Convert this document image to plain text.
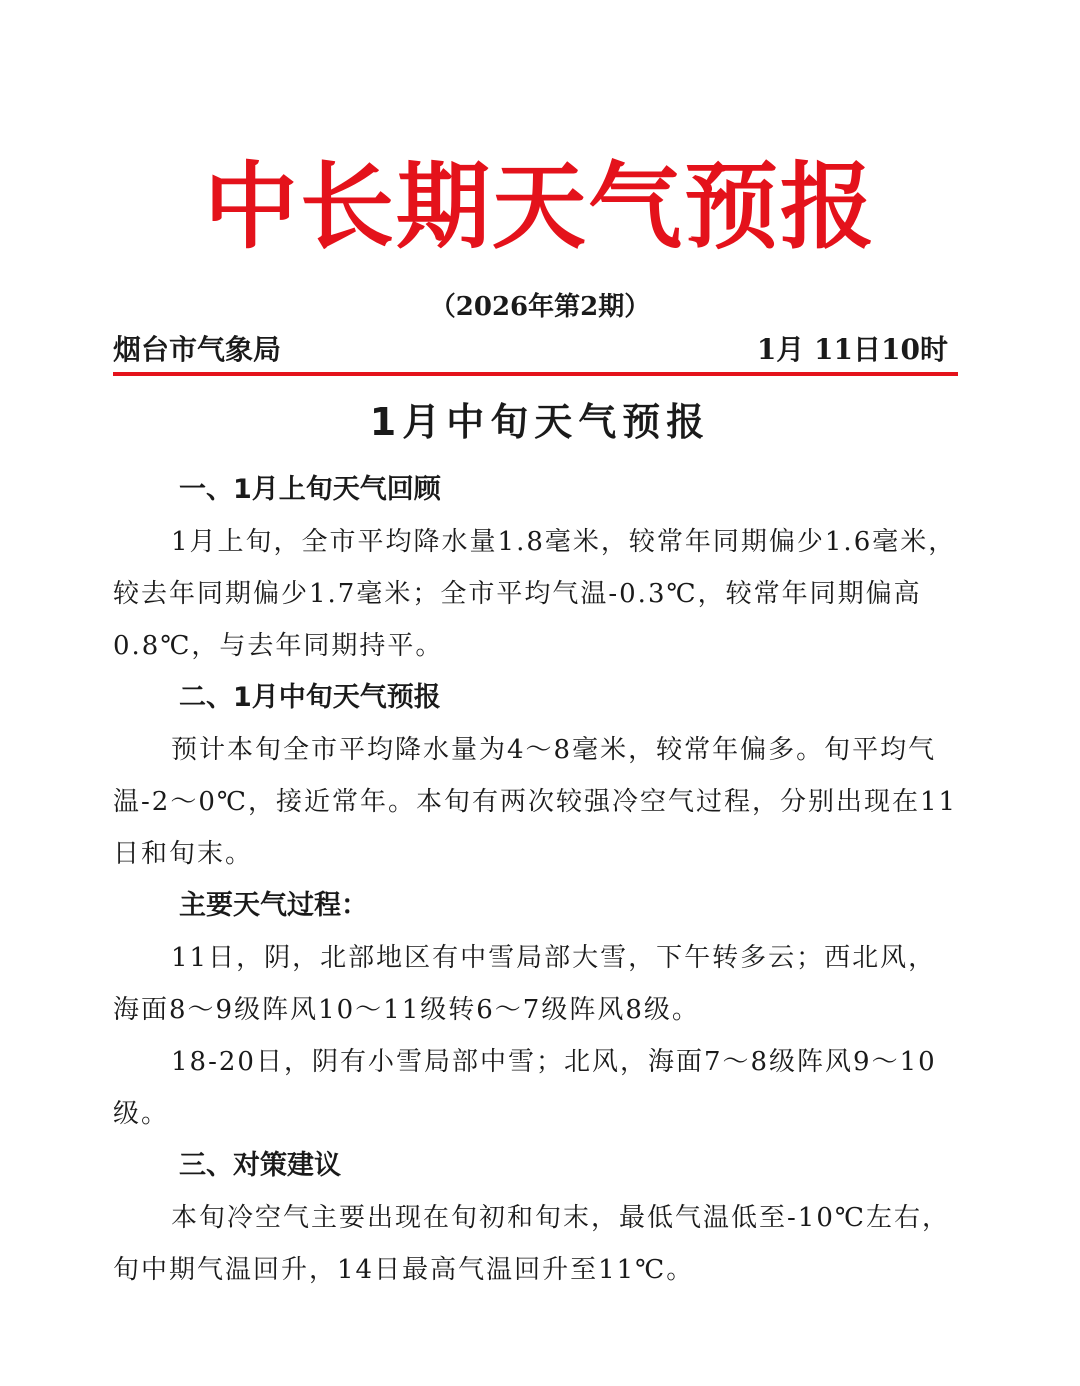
中长期天气预报
（2026年第2期）
烟台市气象局	1月 11日10时
1月中旬天气预报

一、1月上旬天气回顾

1月上旬，全市平均降水量1.8毫米，较常年同期偏少1.6毫米，较去年同期偏少1.7毫米；全市平均气温-0.3℃，较常年同期偏高0.8℃，与去年同期持平。

二、1月中旬天气预报

预计本旬全市平均降水量为4～8毫米，较常年偏多。旬平均气温-2～0℃，接近常年。本旬有两次较强冷空气过程，分别出现在11日和旬末。

主要天气过程：

11日，阴，北部地区有中雪局部大雪，下午转多云；西北风，海面8～9级阵风10～11级转6～7级阵风8级。

18-20日，阴有小雪局部中雪；北风，海面7～8级阵风9～10级。

三、对策建议

本旬冷空气主要出现在旬初和旬末，最低气温低至-10℃左右，旬中期气温回升，14日最高气温回升至11℃。
